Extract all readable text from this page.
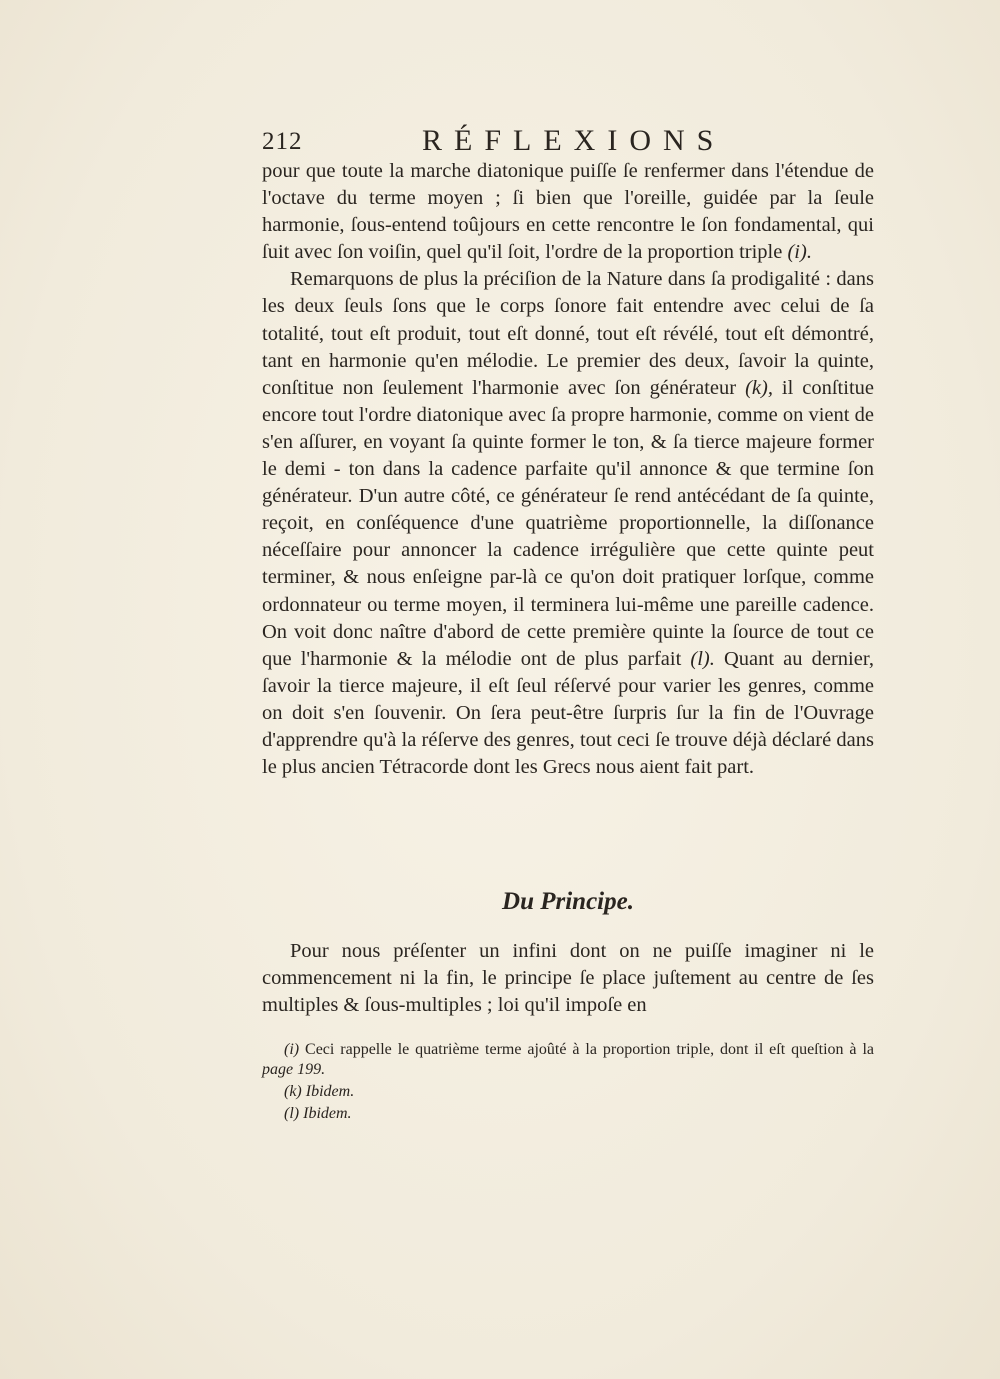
212	RÉFLEXIONS

pour que toute la marche diatonique puiſſe ſe renfermer dans l'étendue de l'octave du terme moyen ; ſi bien que l'oreille, guidée par la ſeule harmonie, ſous-entend toûjours en cette rencontre le ſon fondamental, qui ſuit avec ſon voiſin, quel qu'il ſoit, l'ordre de la proportion triple (i).

Remarquons de plus la préciſion de la Nature dans ſa prodigalité : dans les deux ſeuls ſons que le corps ſonore fait entendre avec celui de ſa totalité, tout eſt produit, tout eſt donné, tout eſt révélé, tout eſt démontré, tant en harmonie qu'en mélodie. Le premier des deux, ſavoir la quinte, conſtitue non ſeulement l'harmonie avec ſon générateur (k), il conſtitue encore tout l'ordre diatonique avec ſa propre harmonie, comme on vient de s'en aſſurer, en voyant ſa quinte former le ton, & ſa tierce majeure former le demi - ton dans la cadence parfaite qu'il annonce & que termine ſon générateur. D'un autre côté, ce générateur ſe rend antécédant de ſa quinte, reçoit, en conſéquence d'une quatrième proportionnelle, la diſſonance néceſſaire pour annoncer la cadence irrégulière que cette quinte peut terminer, & nous enſeigne par-là ce qu'on doit pratiquer lorſque, comme ordonnateur ou terme moyen, il terminera lui-même une pareille cadence. On voit donc naître d'abord de cette première quinte la ſource de tout ce que l'harmonie & la mélodie ont de plus parfait (l). Quant au dernier, ſavoir la tierce majeure, il eſt ſeul réſervé pour varier les genres, comme on doit s'en ſouvenir. On ſera peut-être ſurpris ſur la fin de l'Ouvrage d'apprendre qu'à la réſerve des genres, tout ceci ſe trouve déjà déclaré dans le plus ancien Tétracorde dont les Grecs nous aient fait part.

Du Principe.

Pour nous préſenter un infini dont on ne puiſſe imaginer ni le commencement ni la fin, le principe ſe place juſtement au centre de ſes multiples & ſous-multiples ; loi qu'il impoſe en

(i) Ceci rappelle le quatrième terme ajoûté à la proportion triple, dont il eſt queſtion à la page 199.

(k) Ibidem.

(l) Ibidem.
